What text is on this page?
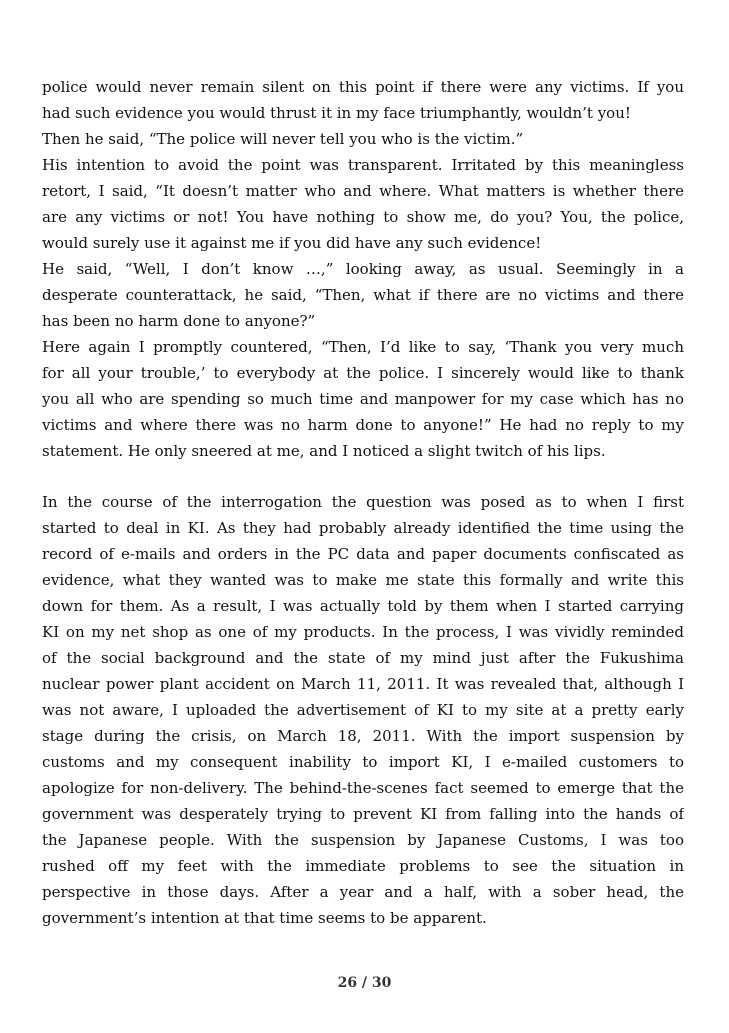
police would never remain silent on this point if there were any victims. If you
had such evidence you would thrust it in my face triumphantly, wouldn’t you!
Then he said, “The police will never tell you who is the victim.”
His intention to avoid the point was transparent. Irritated by this meaningless
retort, I said, “It doesn’t matter who and where. What matters is whether there
are any victims or not! You have nothing to show me, do you? You, the police,
would surely use it against me if you did have any such evidence!
He said, “Well, I don’t know …,” looking away, as usual. Seemingly in a
desperate counterattack, he said, “Then, what if there are no victims and there
has been no harm done to anyone?”
Here again I promptly countered, “Then, I’d like to say, ‘Thank you very much
for all your trouble,’ to everybody at the police. I sincerely would like to thank
you all who are spending so much time and manpower for my case which has no
victims and where there was no harm done to anyone!” He had no reply to my
statement. He only sneered at me, and I noticed a slight twitch of his lips.
In the course of the interrogation the question was posed as to when I first
started to deal in KI. As they had probably already identified the time using the
record of e-mails and orders in the PC data and paper documents confiscated as
evidence, what they wanted was to make me state this formally and write this
down for them. As a result, I was actually told by them when I started carrying
KI on my net shop as one of my products. In the process, I was vividly reminded
of the social background and the state of my mind just after the Fukushima
nuclear power plant accident on March 11, 2011. It was revealed that, although I
was not aware, I uploaded the advertisement of KI to my site at a pretty early
stage during the crisis, on March 18, 2011. With the import suspension by
customs and my consequent inability to import KI, I e-mailed customers to
apologize for non-delivery. The behind-the-scenes fact seemed to emerge that the
government was desperately trying to prevent KI from falling into the hands of
the Japanese people. With the suspension by Japanese Customs, I was too
rushed off my feet with the immediate problems to see the situation in
perspective in those days. After a year and a half, with a sober head, the
government’s intention at that time seems to be apparent.
26 / 30
